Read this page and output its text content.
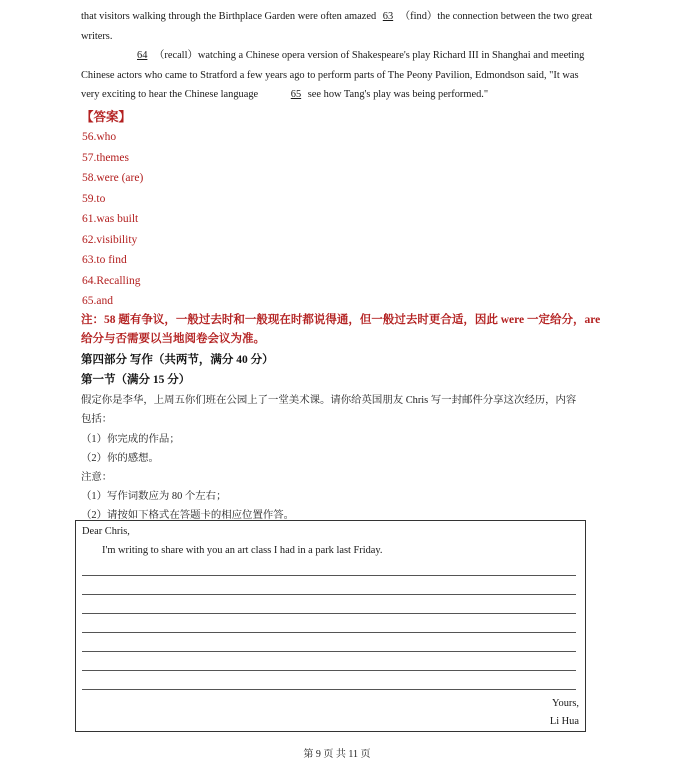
that visitors walking through the Birthplace Garden were often amazed 63 （find）the connection between the two great writers.
64 （recall）watching a Chinese opera version of Shakespeare's play Richard III in Shanghai and meeting Chinese actors who came to Stratford a few years ago to perform parts of The Peony Pavilion, Edmondson said, "It was very exciting to hear the Chinese language	65 see how Tang's play was being performed."
【答案】
56.who
57.themes
58.were (are)
59.to
61.was built
62.visibility
63.to find
64.Recalling
65.and
注：58 题有争议，一般过去时和一般现在时都说得通，但一般过去时更合适，因此 were 一定给分，are 给分与否需要以当地阅卷会议为准。
第四部分 写作（共两节，满分 40 分）
第一节（满分 15 分）
假定你是李华，上周五你们班在公园上了一堂美术课。请你给英国朋友 Chris 写一封邮件分享这次经历，内容
包括：
（1）你完成的作品；
（2）你的感想。
注意：
（1）写作词数应为 80 个左右；
（2）请按如下格式在答题卡的相应位置作答。
Dear Chris,
I'm writing to share with you an art class I had in a park last Friday.
Yours,
Li Hua
第 9 页 共 11 页
